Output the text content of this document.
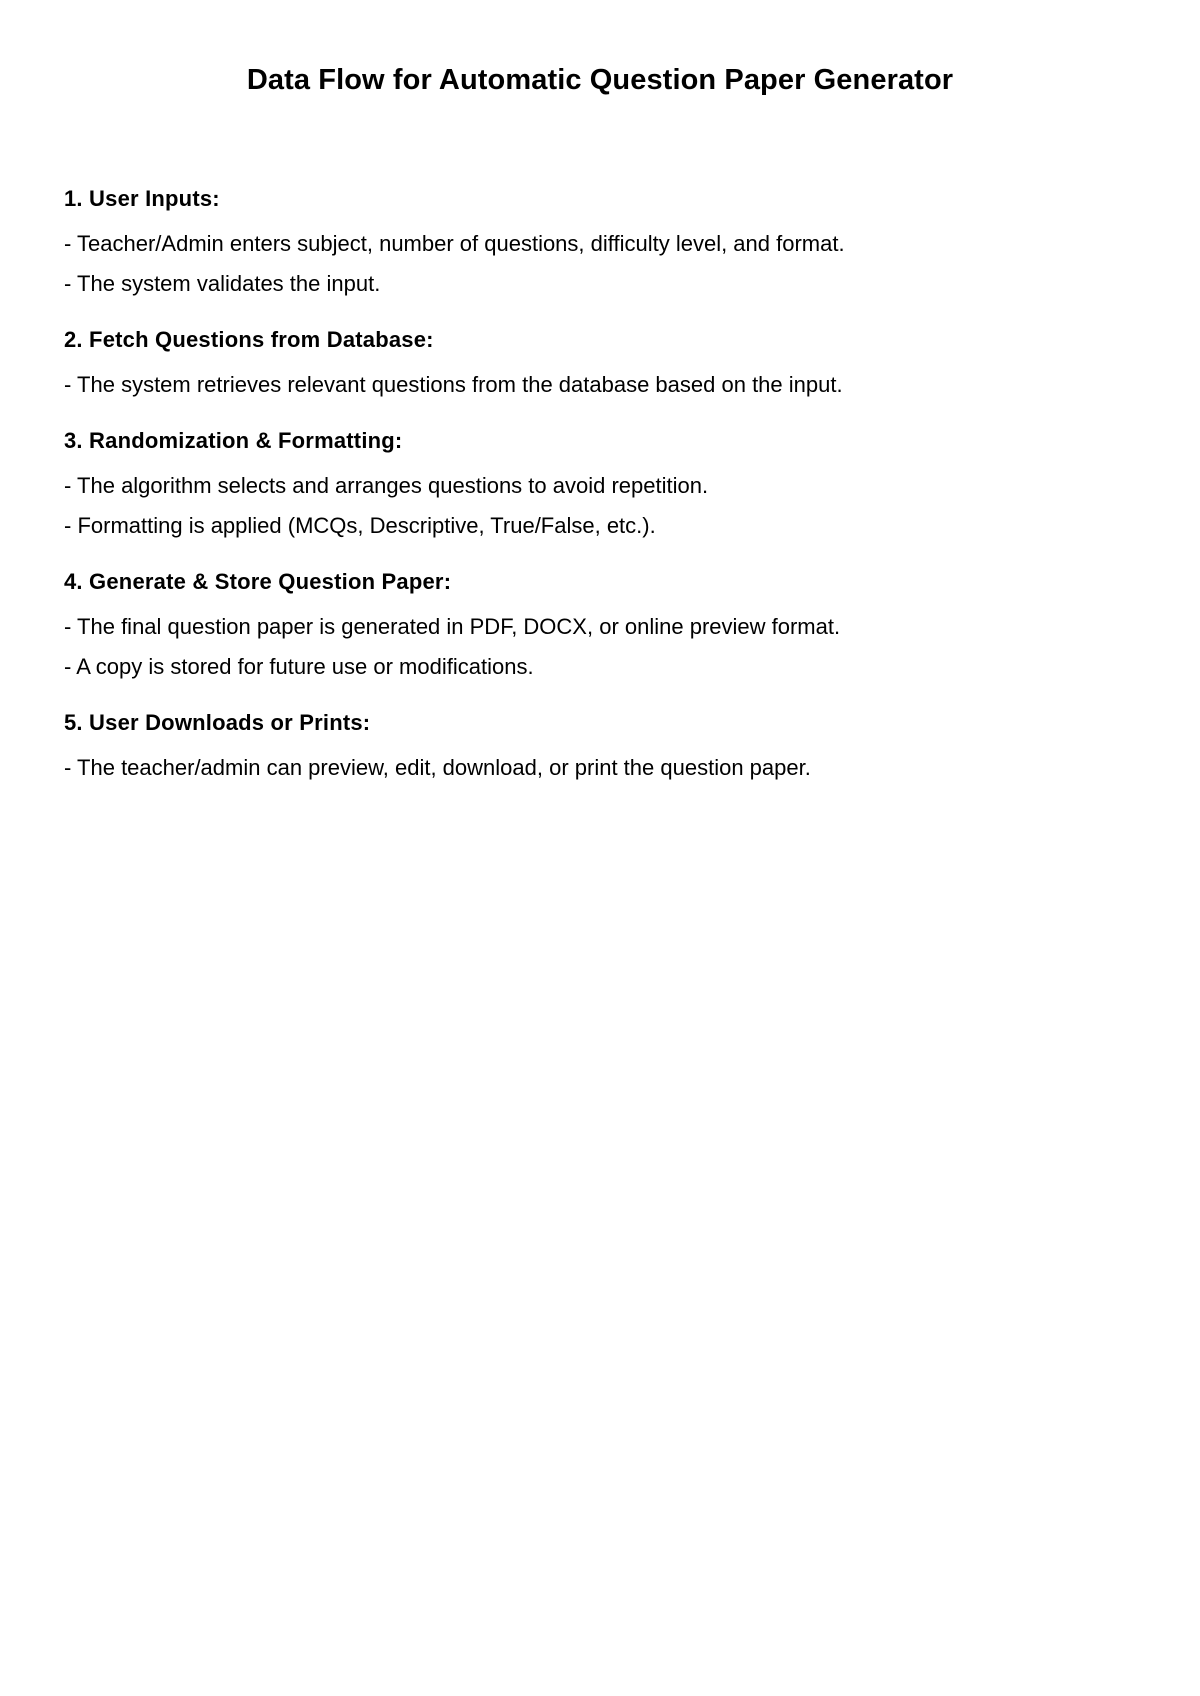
Data Flow for Automatic Question Paper Generator
1. User Inputs:
- Teacher/Admin enters subject, number of questions, difficulty level, and format.
- The system validates the input.
2. Fetch Questions from Database:
- The system retrieves relevant questions from the database based on the input.
3. Randomization & Formatting:
- The algorithm selects and arranges questions to avoid repetition.
- Formatting is applied (MCQs, Descriptive, True/False, etc.).
4. Generate & Store Question Paper:
- The final question paper is generated in PDF, DOCX, or online preview format.
- A copy is stored for future use or modifications.
5. User Downloads or Prints:
- The teacher/admin can preview, edit, download, or print the question paper.
